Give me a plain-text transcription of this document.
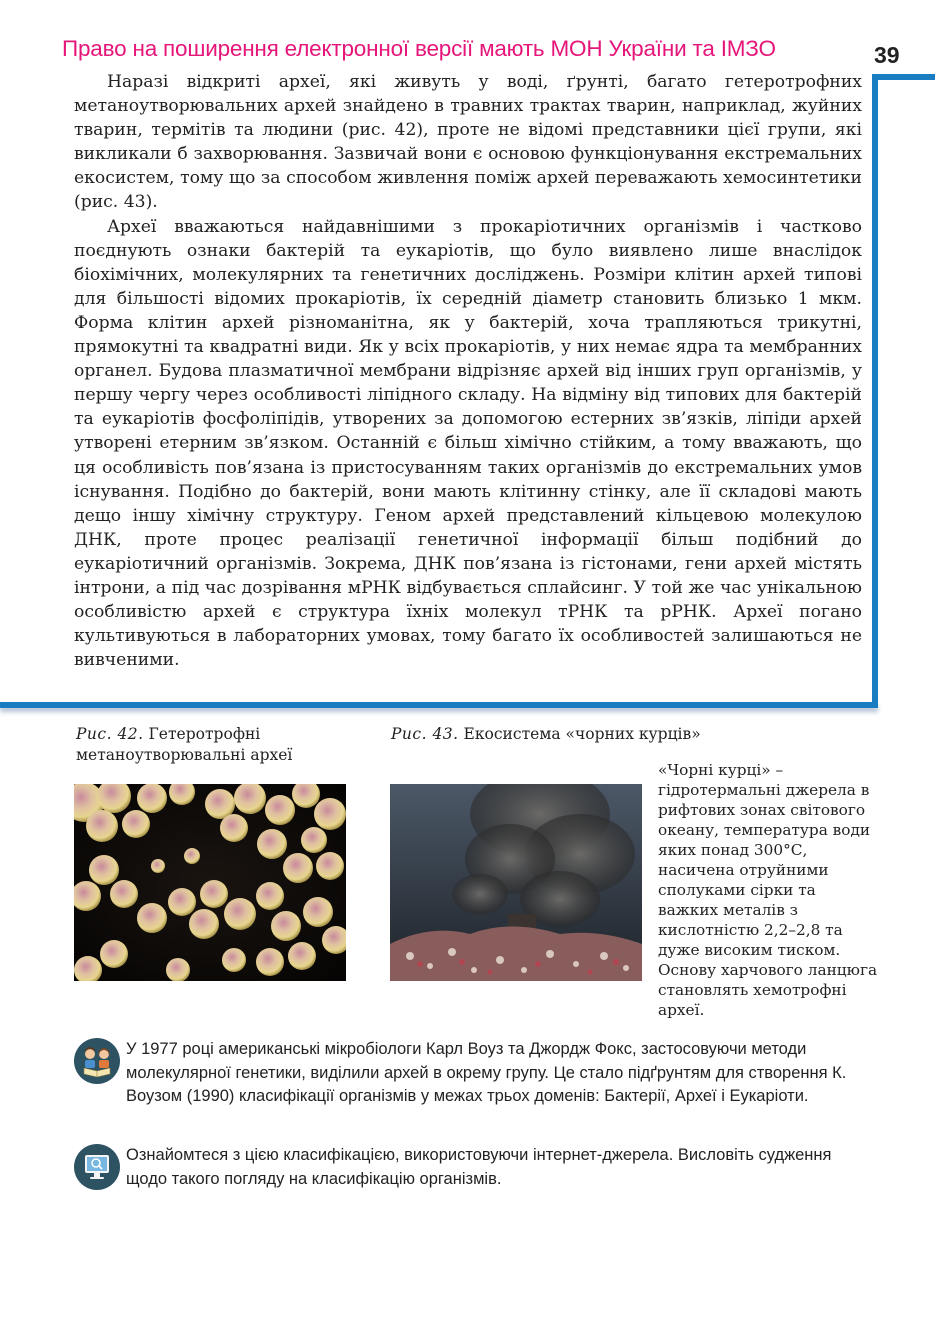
Право на поширення електронної версії мають МОН України та ІМЗО	39

Наразі відкриті археї, які живуть у воді, ґрунті, багато гетеротрофних метаноутворювальних архей знайдено в травних трактах тварин, наприклад, жуйних тварин, термітів та людини (рис. 42), проте не відомі представники цієї групи, які викликали б захворювання. Зазвичай вони є основою функціонування екстремальних екосистем, тому що за способом живлення поміж архей переважають хемосинтетики (рис. 43).

Археї вважаються найдавнішими з прокаріотичних організмів і частково поєднують ознаки бактерій та еукаріотів, що було виявлено лише внаслідок біохімічних, молекулярних та генетичних досліджень. Розміри клітин архей типові для більшості відомих прокаріотів, їх середній діаметр становить близько 1 мкм. Форма клітин архей різноманітна, як у бактерій, хоча трапляються трикутні, прямокутні та квадратні види. Як у всіх прокаріотів, у них немає ядра та мембранних органел. Будова плазматичної мембрани відрізняє архей від інших груп організмів, у першу чергу через особливості ліпідного складу. На відміну від типових для бактерій та еукаріотів фосфоліпідів, утворених за допомогою естерних зв’язків, ліпіди архей утворені етерним зв’язком. Останній є більш хімічно стійким, а тому вважають, що ця особливість пов’язана із пристосуванням таких організмів до екстремальних умов існування. Подібно до бактерій, вони мають клітинну стінку, але її складові мають дещо іншу хімічну структуру. Геном архей представлений кільцевою молекулою ДНК, проте процес реалізації генетичної інформації більш подібний до еукаріотичний організмів. Зокрема, ДНК пов’язана із гістонами, гени архей містять інтрони, а під час дозрівання мРНК відбувається сплайсинг. У той же час унікальною особливістю архей є структура їхніх молекул тРНК та рРНК. Археї погано культивуються в лабораторних умовах, тому багато їх особливостей залишаються не вивченими.

Рис. 42. Гетеротрофні метаноутворювальні археї
Рис. 43. Екосистема «чорних курців»
«Чорні курці» – гідротермальні джерела в рифтових зонах світового океану, температура води яких понад 300°С, насичена отруйними сполуками сірки та важких металів з кислотністю 2,2–2,8 та дуже високим тиском. Основу харчового ланцюга становлять хемотрофні археї.
У 1977 році американські мікробіологи Карл Воуз та Джордж Фокс, застосовуючи методи молекулярної генетики, виділили архей в окрему групу. Це стало підґрунтям для створення К. Воузом (1990) класифікації організмів у межах трьох доменів: Бактерії, Археї і Еукаріоти.
Ознайомтеся з цією класифікацією, використовуючи інтернет-джерела. Висловіть судження щодо такого погляду на класифікацію організмів.
